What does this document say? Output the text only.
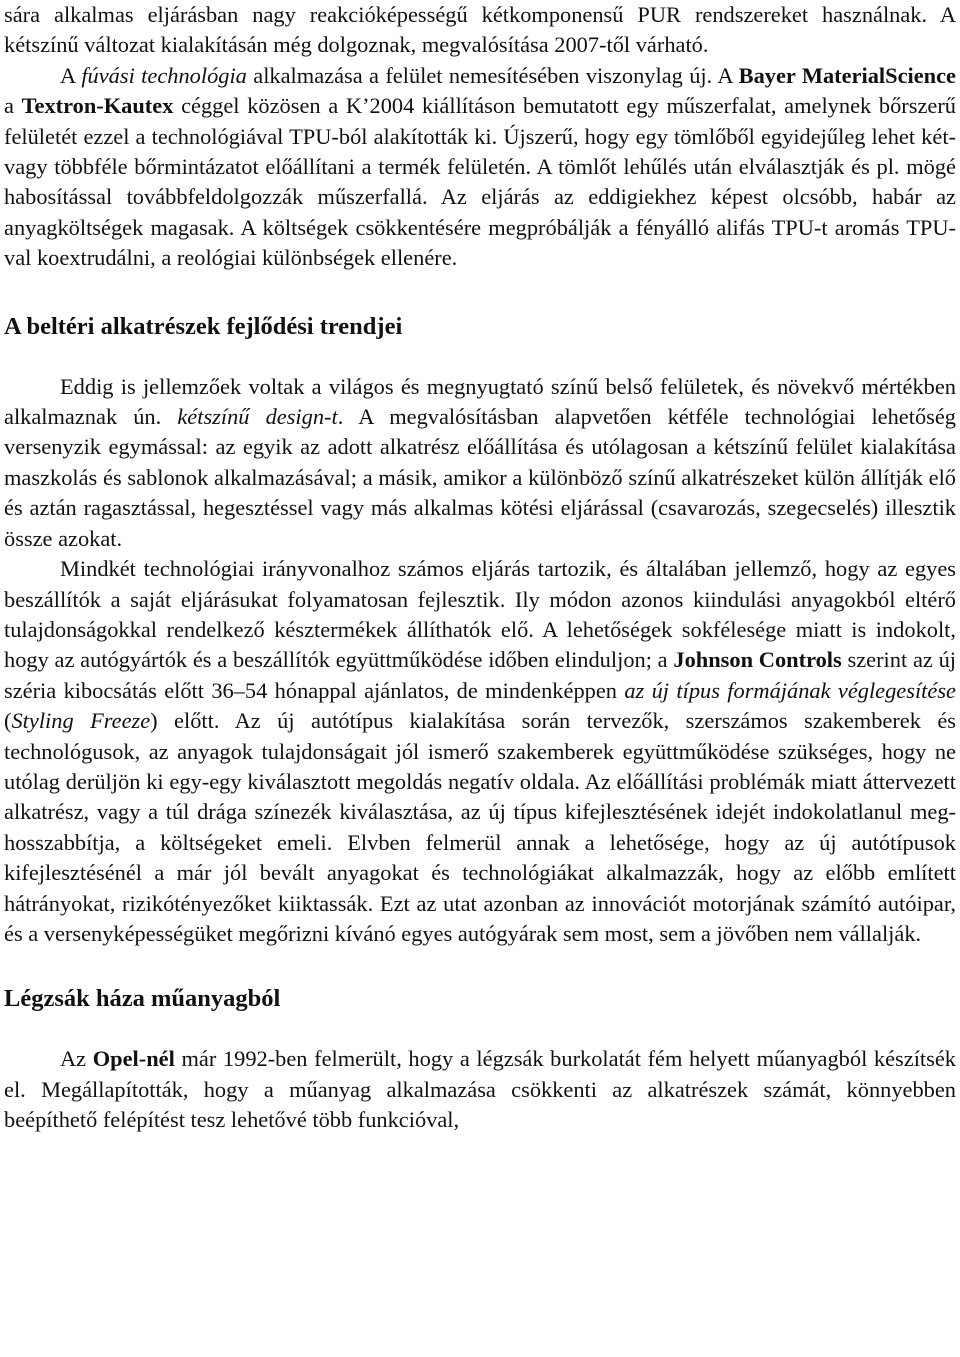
sára alkalmas eljárásban nagy reakcióképességű kétkomponensű PUR rendszereket használnak. A kétszínű változat kialakításán még dolgoznak, megvalósítása 2007-től várható.

A fúvási technológia alkalmazása a felület nemesítésében viszonylag új. A Bayer MaterialScience a Textron-Kautex céggel közösen a K’2004 kiállításon bemutatott egy műszerfalat, amelynek bőrszerű felületét ezzel a technológiával TPU-ból alakították ki. Újszerű, hogy egy tömlőből egyidejűleg lehet két- vagy többféle bőrmintázatot előállítani a termék felületén. A tömlőt lehűlés után elválasztják és pl. mögé habosítással továbbfeldolgozzák műszerfallá. Az eljárás az eddigiekhez képest olcsóbb, habár az anyagköltségek magasak. A költségek csökkentésére megpróbálják a fényálló alifás TPU-t aromás TPU-val koextrudálni, a reológiai különbségek ellenére.

A beltéri alkatrészek fejlődési trendjei

Eddig is jellemzőek voltak a világos és megnyugtató színű belső felületek, és növekvő mértékben alkalmaznak ún. kétszínű design-t. A megvalósításban alapvetően kétféle technológiai lehetőség versenyzik egymással: az egyik az adott alkatrész előállítása és utólagosan a kétszínű felület kialakítása maszkolás és sablonok alkalmazásával; a másik, amikor a különböző színű alkatrészeket külön állítják elő és aztán ragasztással, hegesztéssel vagy más alkalmas kötési eljárással (csavarozás, szegecselés) illesztik össze azokat.

Mindkét technológiai irányvonalhoz számos eljárás tartozik, és általában jellemző, hogy az egyes beszállítók a saját eljárásukat folyamatosan fejlesztik. Ily módon azonos kiindulási anyagokból eltérő tulajdonságokkal rendelkező késztermékek állíthatók elő. A lehetőségek sokfélesége miatt is indokolt, hogy az autógyártók és a beszállítók együttműködése időben elinduljon; a Johnson Controls szerint az új széria kibocsátás előtt 36–54 hónappal ajánlatos, de mindenképpen az új típus formájának véglegesítése (Styling Freeze) előtt. Az új autótípus kialakítása során tervezők, szerszámos szakemberek és technológusok, az anyagok tulajdonságait jól ismerő szakemberek együttműködése szükséges, hogy ne utólag derüljön ki egy-egy kiválasztott megoldás negatív oldala. Az előállítási problémák miatt áttervezett alkatrész, vagy a túl drága színezék kiválasztása, az új típus kifejlesztésének idejét indokolatlanul meghosszabbítja, a költségeket emeli. Elvben felmerül annak a lehetősége, hogy az új autótípusok kifejlesztésénél a már jól bevált anyagokat és technológiákat alkalmazzák, hogy az előbb említett hátrányokat, rizikótényezőket kiiktassák. Ezt az utat azonban az innovációt motorjának számító autóipar, és a versenyképességüket megőrizni kívánó egyes autógyárak sem most, sem a jövőben nem vállalják.

Légzsák háza műanyagból

Az Opel-nél már 1992-ben felmerült, hogy a légzsák burkolatát fém helyett műanyagból készítsék el. Megállapították, hogy a műanyag alkalmazása csökkenti az alkatrészek számát, könnyebben beépíthető felépítést tesz lehetővé több funkcióval,
